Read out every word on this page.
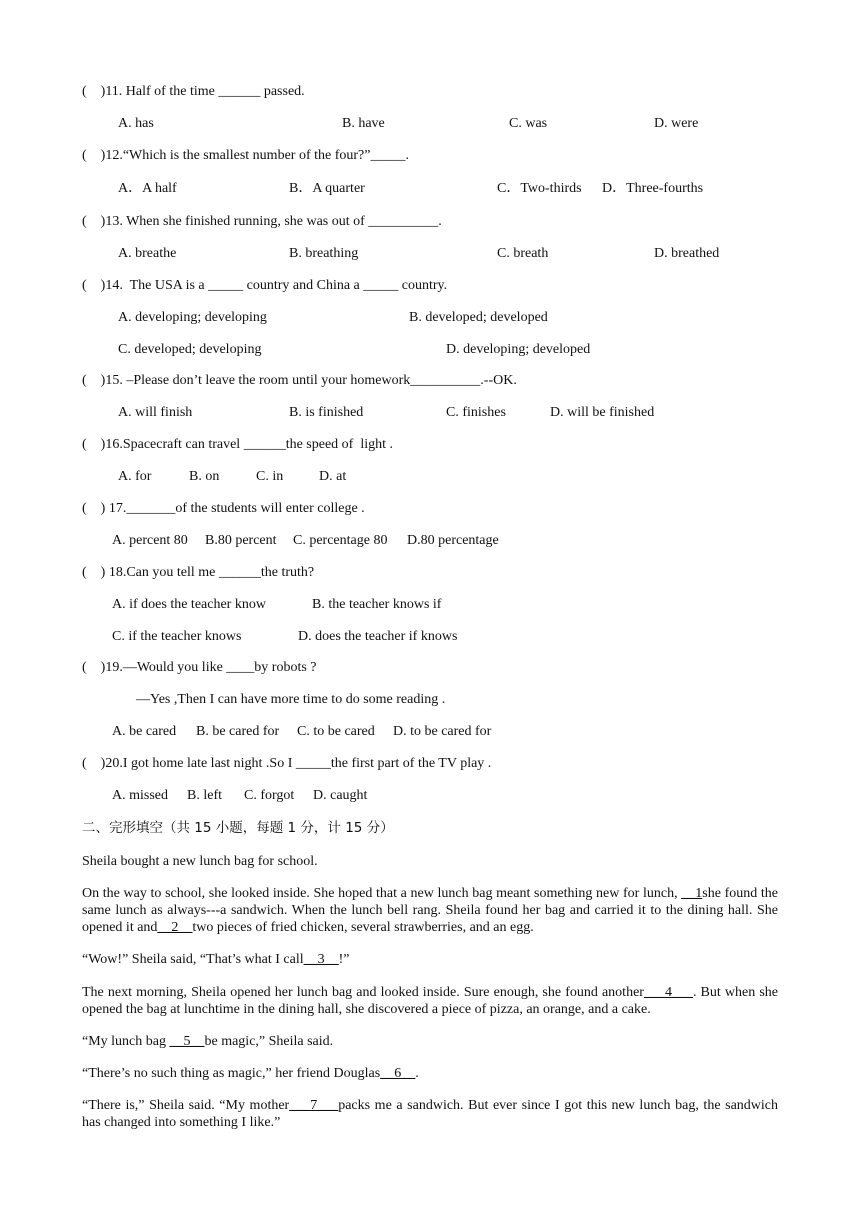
(    )11. Half of the time ______ passed.
A. has	B. have	C. was	D. were
(    )12.“Which is the smallest number of the four?”_____.
A．A half	B．A quarter	C．Two-thirds D．Three-fourths
(    )13. When she finished running, she was out of __________.
A. breathe	B. breathing	C. breath	D. breathed
(    )14.  The USA is a _____ country and China a _____ country.
A. developing; developing	B. developed; developed
C. developed; developing	D. developing; developed
(    )15. –Please don’t leave the room until your homework__________.--OK.
A. will finish	B. is finished	C. finishes	D. will be finished
(    )16.Spacecraft can travel ______the speed of  light .
A. for	B. on	C. in	D. at
(    ) 17._______of the students will enter college .
A. percent 80 B.80 percent C. percentage 80 D.80 percentage
(    ) 18.Can you tell me ______the truth?
A. if does the teacher know	B. the teacher knows if
C. if the teacher knows	D. does the teacher if knows
(    )19.—Would you like ____by robots ?
—Yes ,Then I can have more time to do some reading .
A. be cared B. be cared for C. to be cared D. to be cared for
(    )20.I got home late last night .So I _____the first part of the TV play .
A. missed B. left C. forgot D. caught
二、完形填空（共 15 小题，每题 1 分，计 15 分）
Sheila bought a new lunch bag for school.
On the way to school, she looked inside. She hoped that a new lunch bag meant something new for lunch, __1she found the same lunch as always---a sandwich. When the lunch bell rang. Sheila found her bag and carried it to the dining hall. She opened it and__2__two pieces of fried chicken, several strawberries, and an egg.
“Wow!” Sheila said, “That’s what I call__3__!”
The next morning, Sheila opened her lunch bag and looked inside. Sure enough, she found another___4___. But when she opened the bag at lunchtime in the dining hall, she discovered a piece of pizza, an orange, and a cake.
“My lunch bag __5__be magic,” Sheila said.
“There’s no such thing as magic,” her friend Douglas__6__.
“There is,” Sheila said. “My mother___7___packs me a sandwich. But ever since I got this new lunch bag, the sandwich has changed into something I like.”
